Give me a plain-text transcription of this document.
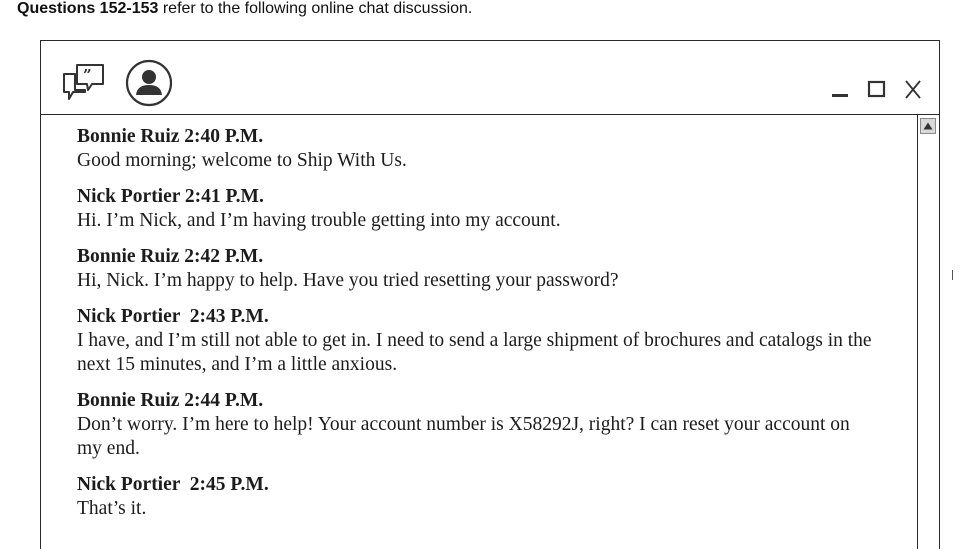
Questions 152-153 refer to the following online chat discussion.
”
Bonnie Ruiz 2:40 P.M.
Good morning; welcome to Ship With Us.
Nick Portier 2:41 P.M.
Hi. I’m Nick, and I’m having trouble getting into my account.
Bonnie Ruiz 2:42 P.M.
Hi, Nick. I’m happy to help. Have you tried resetting your password?
Nick Portier  2:43 P.M.
I have, and I’m still not able to get in. I need to send a large shipment of brochures and catalogs in the next 15 minutes, and I’m a little anxious.
Bonnie Ruiz 2:44 P.M.
Don’t worry. I’m here to help! Your account number is X58292J, right? I can reset your account on my end.
Nick Portier  2:45 P.M.
That’s it.
